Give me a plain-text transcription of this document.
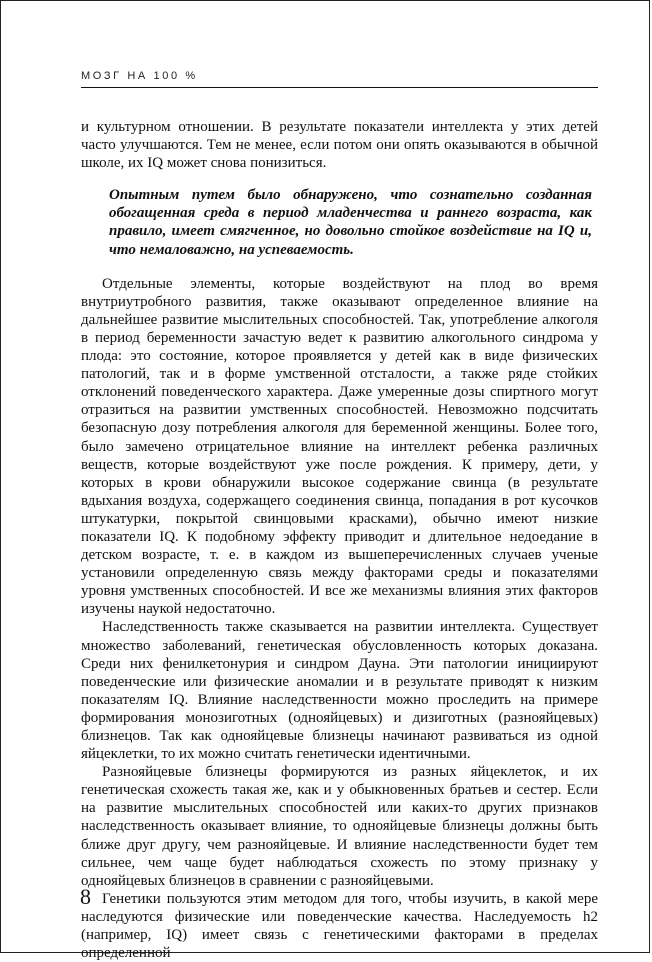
МОЗГ НА 100 %

и культурном отношении. В результате показатели интеллекта у этих детей часто улучшаются. Тем не менее, если потом они опять оказываются в обычной школе, их IQ может снова понизиться.

Опытным путем было обнаружено, что сознательно созданная обогащенная среда в период младенчества и раннего возраста, как правило, имеет смягченное, но довольно стойкое воздействие на IQ и, что немаловажно, на успеваемость.

Отдельные элементы, которые воздействуют на плод во время внутриутробного развития, также оказывают определенное влияние на дальнейшее развитие мыслительных способностей. Так, употребление алкоголя в период беременности зачастую ведет к развитию алкогольного синдрома у плода: это состояние, которое проявляется у детей как в виде физических патологий, так и в форме умственной отсталости, а также ряде стойких отклонений поведенческого характера. Даже умеренные дозы спиртного могут отразиться на развитии умственных способностей. Невозможно подсчитать безопасную дозу потребления алкоголя для беременной женщины. Более того, было замечено отрицательное влияние на интеллект ребенка различных веществ, которые воздействуют уже после рождения. К примеру, дети, у которых в крови обнаружили высокое содержание свинца (в результате вдыхания воздуха, содержащего соединения свинца, попадания в рот кусочков штукатурки, покрытой свинцовыми красками), обычно имеют низкие показатели IQ. К подобному эффекту приводит и длительное недоедание в детском возрасте, т. е. в каждом из вышеперечисленных случаев ученые установили определенную связь между факторами среды и показателями уровня умственных способностей. И все же механизмы влияния этих факторов изучены наукой недостаточно.

Наследственность также сказывается на развитии интеллекта. Существует множество заболеваний, генетическая обусловленность которых доказана. Среди них фенилкетонурия и синдром Дауна. Эти патологии инициируют поведенческие или физические аномалии и в результате приводят к низким показателям IQ. Влияние наследственности можно проследить на примере формирования монозиготных (однояйцевых) и дизиготных (разнояйцевых) близнецов. Так как однояйцевые близнецы начинают развиваться из одной яйцеклетки, то их можно считать генетически идентичными.

Разнояйцевые близнецы формируются из разных яйцеклеток, и их генетическая схожесть такая же, как и у обыкновенных братьев и сестер. Если на развитие мыслительных способностей или каких-то других признаков наследственность оказывает влияние, то однояйцевые близнецы должны быть ближе друг другу, чем разнояйцевые. И влияние наследственности будет тем сильнее, чем чаще будет наблюдаться схожесть по этому признаку у однояйцевых близнецов в сравнении с разнояйцевыми.

Генетики пользуются этим методом для того, чтобы изучить, в какой мере наследуются физические или поведенческие качества. Наследуемость h2 (например, IQ) имеет связь с генетическими факторами в пределах определенной

8
